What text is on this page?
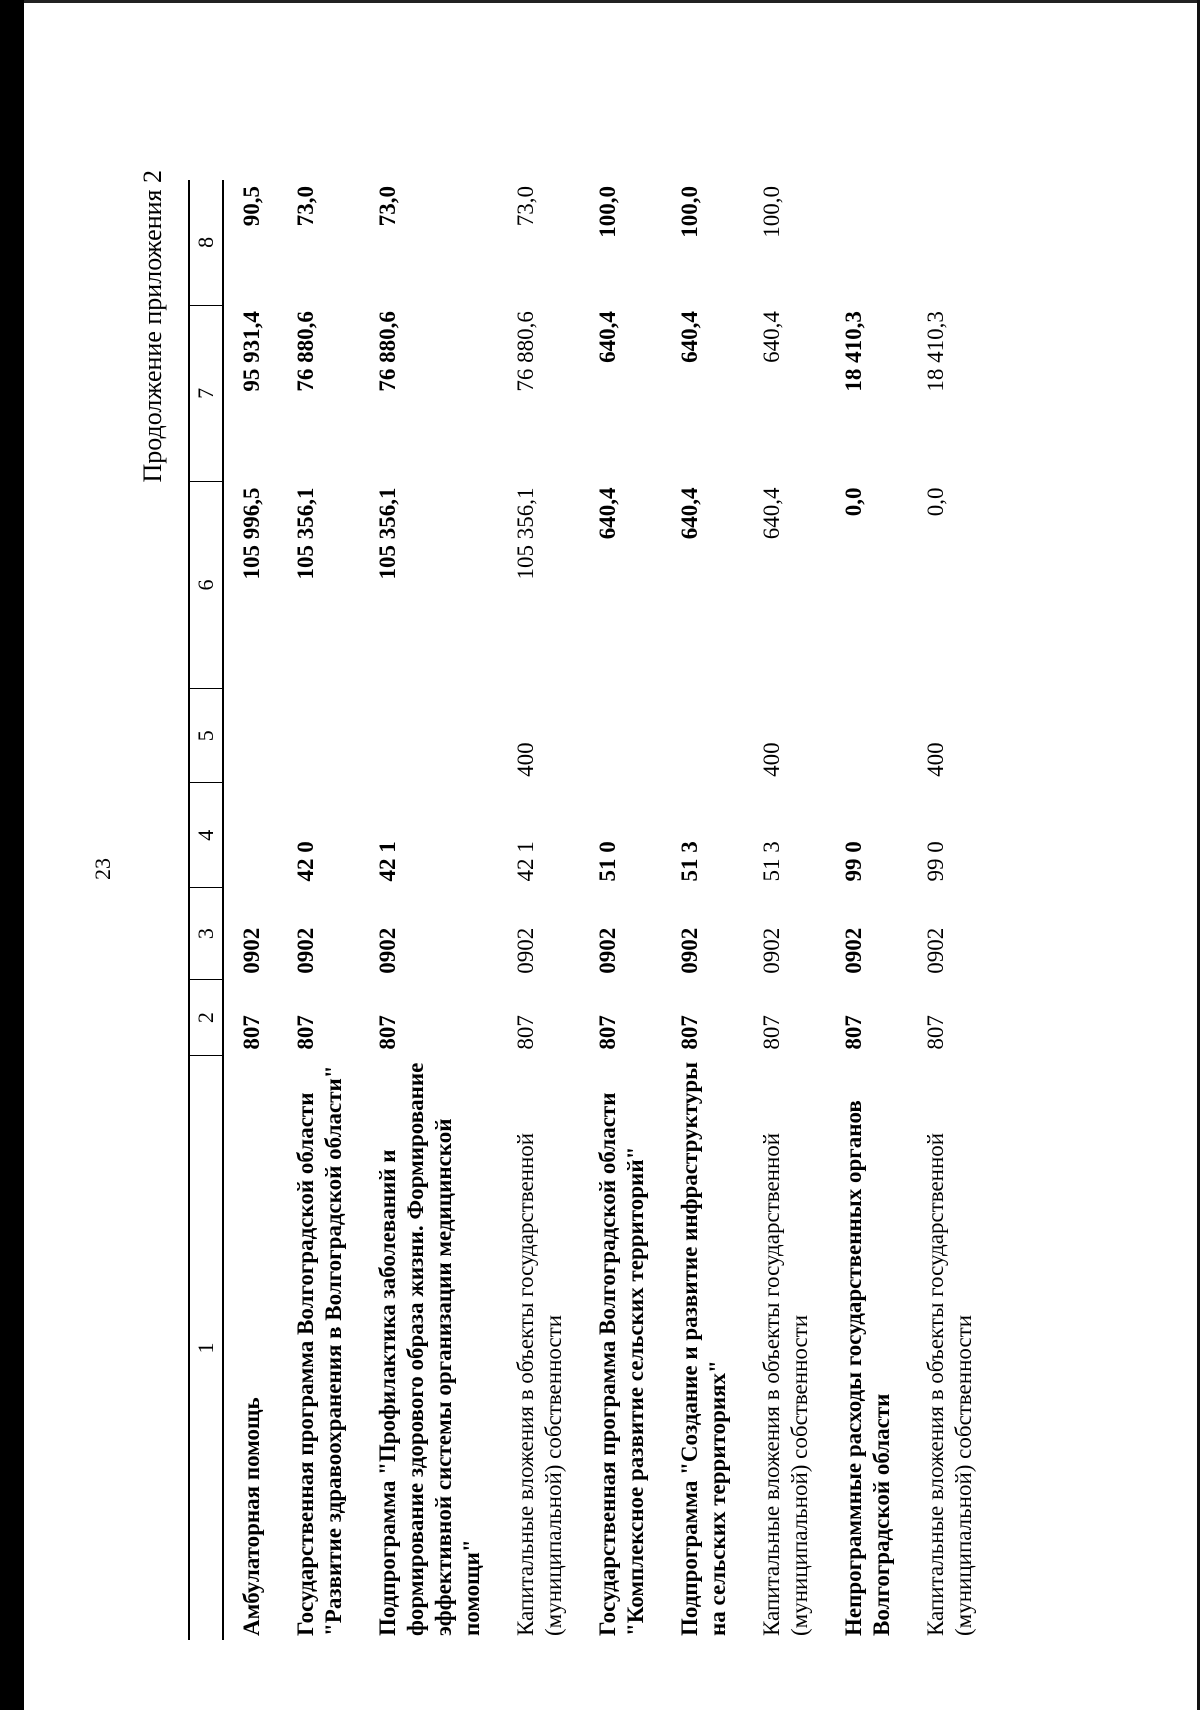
23
Продолжение приложения 2
1	2	3	4	5	6	7	8
Амбулаторная помощь	807	0902			105 996,5	95 931,4	90,5
Государственная программа Волгоградской области "Развитие здравоохранения в Волгоградской области"	807	0902	42 0		105 356,1	76 880,6	73,0
Подпрограмма "Профилактика заболеваний и формирование здорового образа жизни. Формирование эффективной системы организации медицинской помощи"	807	0902	42 1		105 356,1	76 880,6	73,0
Капитальные вложения в объекты государственной (муниципальной) собственности	807	0902	42 1	400	105 356,1	76 880,6	73,0
Государственная программа Волгоградской области "Комплексное развитие сельских территорий"	807	0902	51 0		640,4	640,4	100,0
Подпрограмма "Создание и развитие инфраструктуры на сельских территориях"	807	0902	51 3		640,4	640,4	100,0
Капитальные вложения в объекты государственной (муниципальной) собственности	807	0902	51 3	400	640,4	640,4	100,0
Непрограммные расходы государственных органов Волгоградской области	807	0902	99 0		0,0	18 410,3	
Капитальные вложения в объекты государственной (муниципальной) собственности	807	0902	99 0	400	0,0	18 410,3	
